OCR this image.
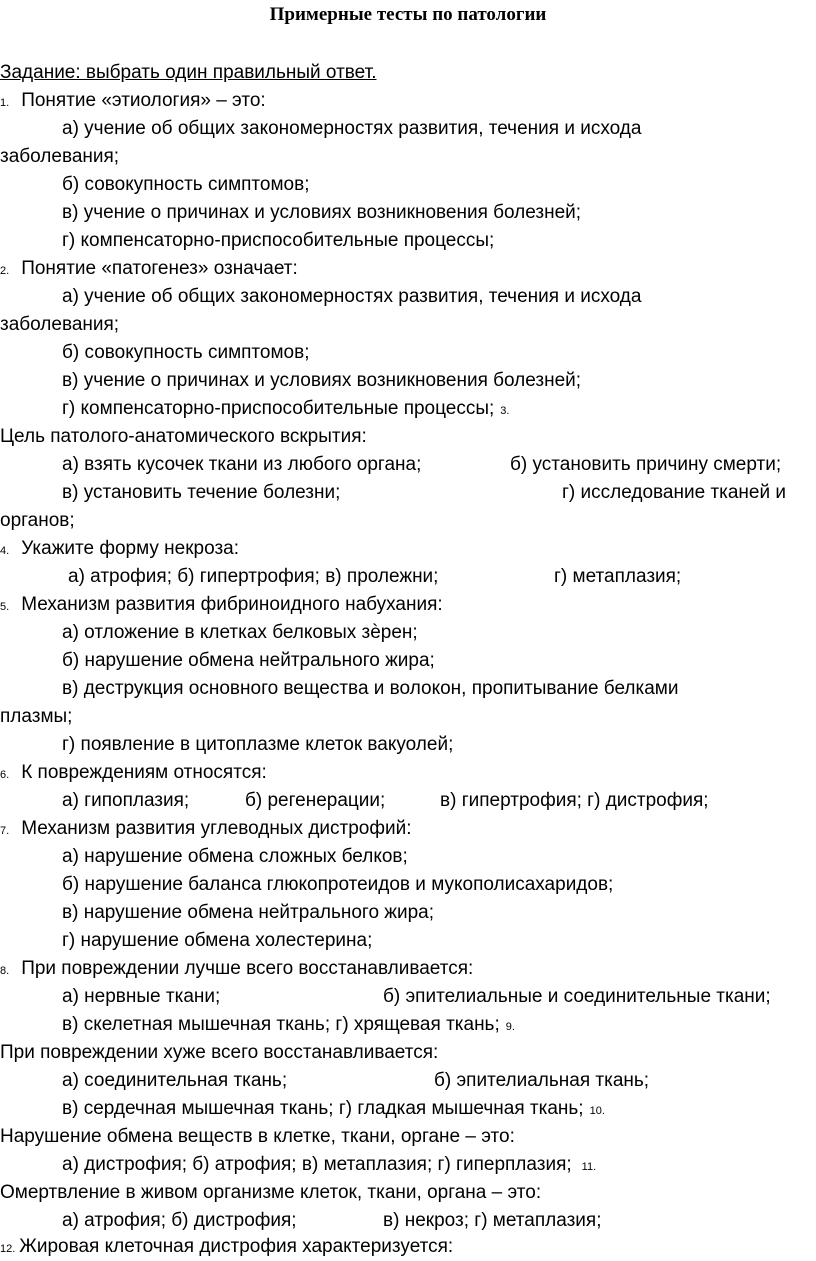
Примерные тесты по патологии
Задание: выбрать один правильный ответ.
1. Понятие «этиология» – это:
а) учение об общих закономерностях развития, течения и исхода
заболевания;
б) совокупность симптомов;
в) учение о причинах и условиях возникновения болезней;
г) компенсаторно-приспособительные процессы;
2. Понятие «патогенез» означает:
а) учение об общих закономерностях развития, течения и исхода
заболевания;
б) совокупность симптомов;
в) учение о причинах и условиях возникновения болезней;
г) компенсаторно-приспособительные процессы; 3.
Цель патолого-анатомического вскрытия:
а) взять кусочек ткани из любого органа;	б) установить причину смерти;
в) установить течение болезни;	г) исследование тканей и
органов;
4. Укажите форму некроза:
а) атрофия; б) гипертрофия; в) пролежни;	г) метаплазия;
5. Механизм развития фибриноидного набухания:
а) отложение в клетках белковых зѐрен;
б) нарушение обмена нейтрального жира;
в) деструкция основного вещества и волокон, пропитывание белками
плазмы;
г) появление в цитоплазме клеток вакуолей;
6. К повреждениям относятся:
а) гипоплазия;	б) регенерации;	в) гипертрофия; г) дистрофия;
7. Механизм развития углеводных дистрофий:
а) нарушение обмена сложных белков;
б) нарушение баланса глюкопротеидов и мукополисахаридов;
в) нарушение обмена нейтрального жира;
г) нарушение обмена холестерина;
8. При повреждении лучше всего восстанавливается:
а) нервные ткани;	б) эпителиальные и соединительные ткани;
в) скелетная мышечная ткань; г) хрящевая ткань; 9.
При повреждении хуже всего восстанавливается:
а) соединительная ткань;	б) эпителиальная ткань;
в) сердечная мышечная ткань; г) гладкая мышечная ткань; 10.
Нарушение обмена веществ в клетке, ткани, органе – это:
а) дистрофия; б) атрофия; в) метаплазия; г) гиперплазия; 11.
Омертвление в живом организме клеток, ткани, органа – это:
а) атрофия; б) дистрофия;	в) некроз; г) метаплазия;
12. Жировая клеточная дистрофия характеризуется:
